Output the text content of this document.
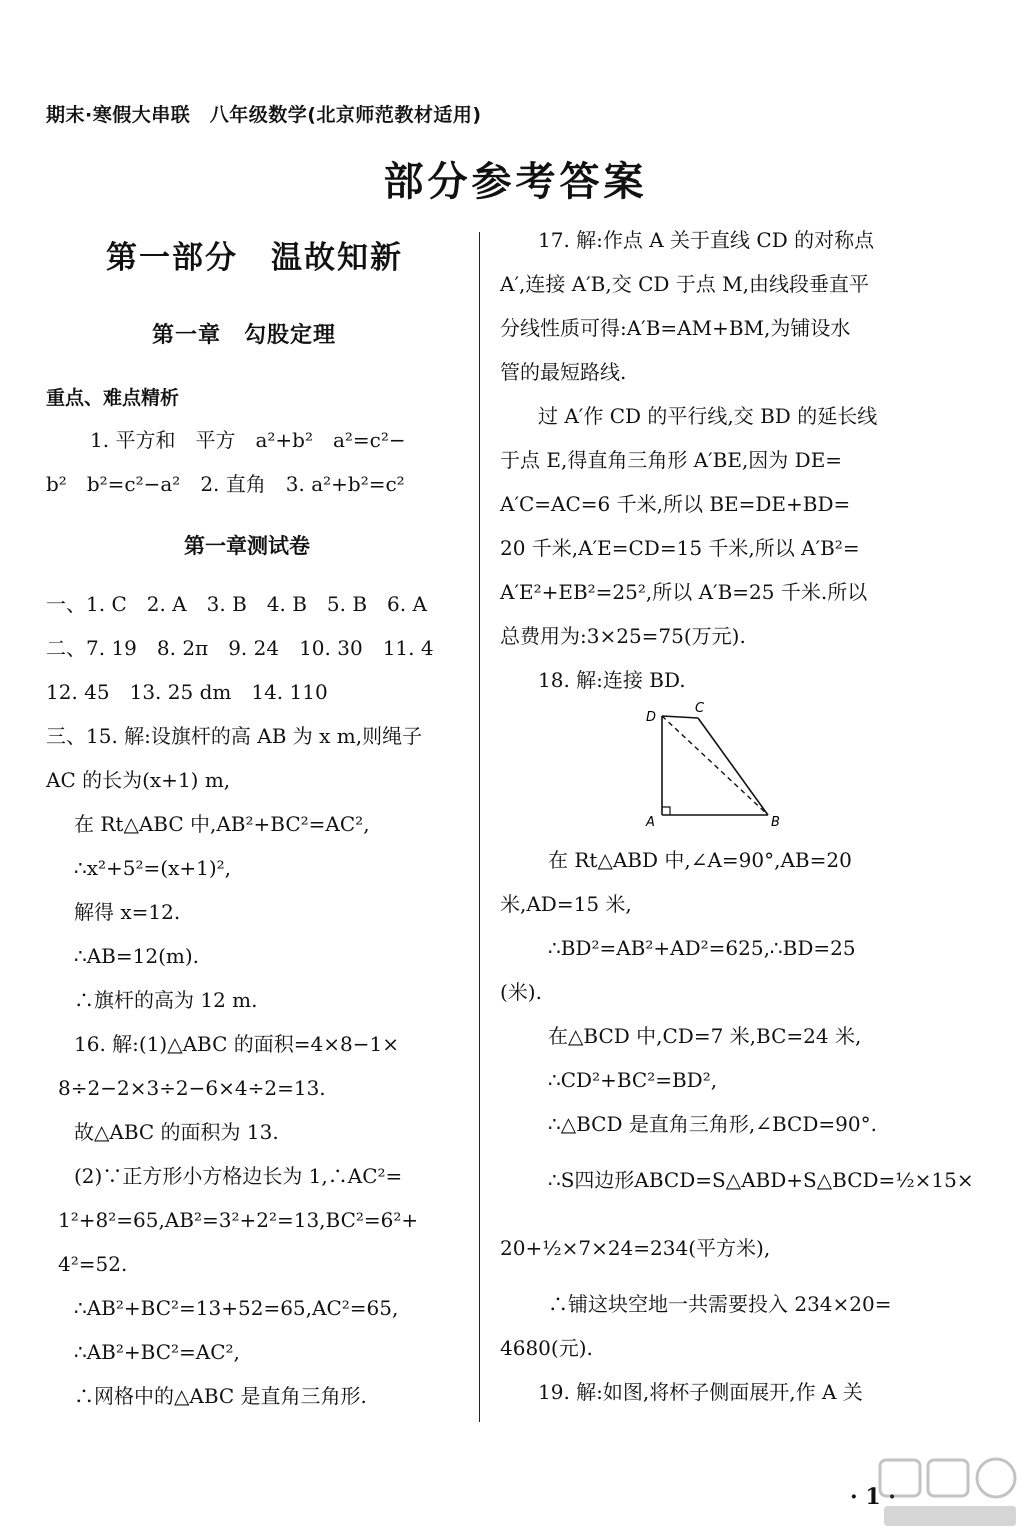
期末·寒假大串联　八年级数学(北京师范教材适用)
部分参考答案
第一部分　温故知新
第一章　勾股定理
重点、难点精析
1. 平方和　平方　a²+b²　a²=c²−
b²　b²=c²−a²　2. 直角　3. a²+b²=c²
第一章测试卷
一、1. C　2. A　3. B　4. B　5. B　6. A
二、7. 19　8. 2π　9. 24　10. 30　11. 4
12. 45　13. 25 dm　14. 110
三、15. 解:设旗杆的高 AB 为 x m,则绳子
AC 的长为(x+1) m,
在 Rt△ABC 中,AB²+BC²=AC²,
∴x²+5²=(x+1)²,
解得 x=12.
∴AB=12(m).
∴旗杆的高为 12 m.
16. 解:(1)△ABC 的面积=4×8−1×
8÷2−2×3÷2−6×4÷2=13.
故△ABC 的面积为 13.
(2)∵正方形小方格边长为 1,∴AC²=
1²+8²=65,AB²=3²+2²=13,BC²=6²+
4²=52.
∴AB²+BC²=13+52=65,AC²=65,
∴AB²+BC²=AC²,
∴网格中的△ABC 是直角三角形.
17. 解:作点 A 关于直线 CD 的对称点
A′,连接 A′B,交 CD 于点 M,由线段垂直平
分线性质可得:A′B=AM+BM,为铺设水
管的最短路线.
过 A′作 CD 的平行线,交 BD 的延长线
于点 E,得直角三角形 A′BE,因为 DE=
A′C=AC=6 千米,所以 BE=DE+BD=
20 千米,A′E=CD=15 千米,所以 A′B²=
A′E²+EB²=25²,所以 A′B=25 千米.所以
总费用为:3×25=75(万元).
18. 解:连接 BD.
在 Rt△ABD 中,∠A=90°,AB=20
米,AD=15 米,
∴BD²=AB²+AD²=625,∴BD=25
(米).
在△BCD 中,CD=7 米,BC=24 米,
∴CD²+BC²=BD²,
∴△BCD 是直角三角形,∠BCD=90°.
∴S四边形ABCD=S△ABD+S△BCD=½×15×
20+½×7×24=234(平方米),
∴铺这块空地一共需要投入 234×20=
4680(元).
19. 解:如图,将杯子侧面展开,作 A 关
A	B
C
D
· 1 ·
